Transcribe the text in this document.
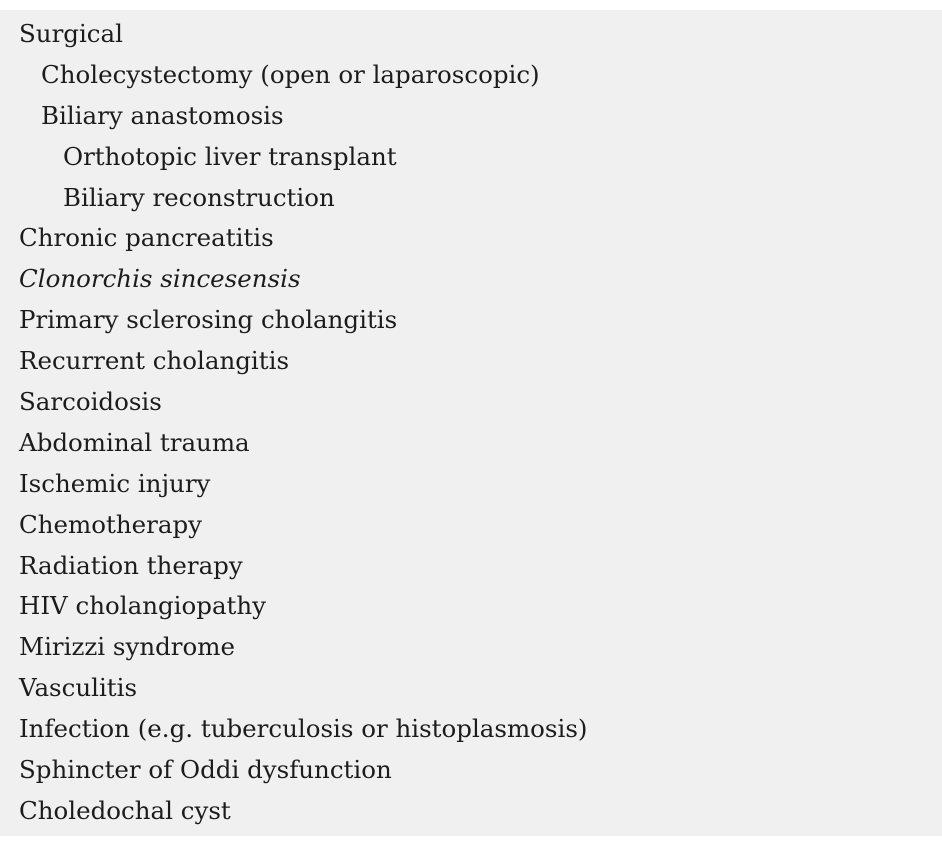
Surgical
Cholecystectomy (open or laparoscopic)
Biliary anastomosis
Orthotopic liver transplant
Biliary reconstruction
Chronic pancreatitis
Clonorchis sincesensis
Primary sclerosing cholangitis
Recurrent cholangitis
Sarcoidosis
Abdominal trauma
Ischemic injury
Chemotherapy
Radiation therapy
HIV cholangiopathy
Mirizzi syndrome
Vasculitis
Infection (e.g. tuberculosis or histoplasmosis)
Sphincter of Oddi dysfunction
Choledochal cyst
